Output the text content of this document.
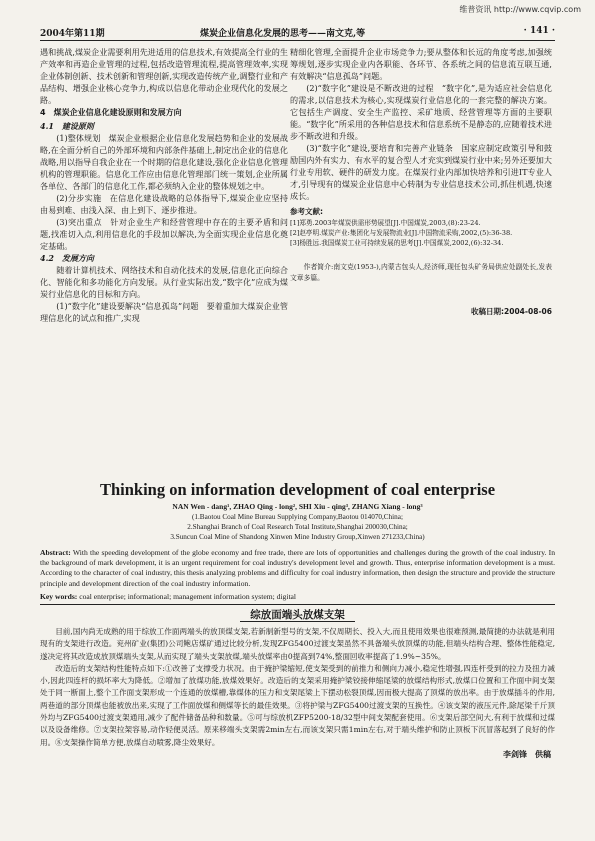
维普资讯 http://www.cqvip.com
2004年第11期	煤炭企业信息化发展的思考——南文克,等	· 141 ·

遇和挑战,煤炭企业需要利用先进适用的信息技术,有效提高全行业的生产效率和再造企业管理的过程,包括改造管理流程,提高管理效率,实现企业体制创新、技术创新和管理创新,实现改造传统产业,调整行业和产品结构、增强企业核心竞争力,构成以信息化带动企业现代化的发展之路。

4　煤炭企业信息化建设原则和发展方向
4.1　建设原则

(1)整体规划　煤炭企业根据企业信息化发展趋势和企业的发展战略,在全面分析自己的外部环境和内部条件基础上,制定出企业的信息化战略,用以指导自我企业在一个时期的信息化建设,强化企业信息化管理机构的管理职能。信息化工作应由信息化管理部门统一策划,企业所属各单位、各部门的信息化工作,都必须纳入企业的整体规划之中。

(2)分步实施　在信息化建设战略的总体指导下,煤炭企业应坚持由易到难、由浅入深、由上到下、逐步推进。

(3)突出重点　针对企业生产和经营管理中存在的主要矛盾和问题,找准切入点,利用信息化的手段加以解决,为全面实现企业信息化奠定基础。

4.2　发展方向

随着计算机技术、网络技术和自动化技术的发展,信息化正向综合化、智能化和多功能化方向发展。从行业实际出发,“数字化”应成为煤炭行业信息化的目标和方向。

(1)“数字化”建设要解决“信息孤岛”问题　要着重加大煤炭企业管理信息化的试点和推广,实现

精细化管理,全面提升企业市场竞争力;要从整体和长远的角度考虑,加强统筹规划,逐步实现企业内各职能、各环节、各系统之间的信息流互联互通,有效解决“信息孤岛”问题。

(2)“数字化”建设是不断改进的过程　“数字化”,是为适应社会信息化的需求,以信息技术为核心,实现煤炭行业信息化的一套完整的解决方案。它包括生产调度、安全生产监控、采矿地质、经营管理等方面的主要职能。“数字化”所采用的各种信息技术和信息系统不是静态的,应随着技术进步不断改进和升级。

(3)“数字化”建设,要培育和完善产业链条　国家应制定政策引导和鼓励国内外有实力、有水平的复合型人才充实到煤炭行业中来;另外还要加大行业专用软、硬件的研发力度。在煤炭行业内部加快培养和引进IT专业人才,引导现有的煤炭企业信息中心转制为专业信息技术公司,抓住机遇,快速成长。

参考文献:
[1]郑勇.2003年煤炭供需形势展望[J].中国煤炭,2003,(8):23-24.
[2]赵亭明.煤炭产业:集团化与发展物流业[J].中国物流采购,2002,(5):36-38.
[3]杨胜远.我国煤炭工业可持续发展的思考[J].中国煤炭,2002,(6):32-34.
作者简介:南文克(1953-),内蒙古包头人,经济师,现任包头矿务局供应处副处长,发表文章多篇。
收稿日期:2004-08-06
Thinking on information development of coal enterprise
NAN Wen - dang¹, ZHAO Qing - long², SHI Xiu - qing³, ZHANG Xiang - long³
(1.Baotou Coal Mine Bureau Supplying Company,Baotou 014070,China;
2.Shanghai Branch of Coal Research Total Institute,Shanghai 200030,China;
3.Suncun Coal Mine of Shandong Xinwen Mine Industry Group,Xinwen 271233,China)
Abstract: With the speeding development of the globe economy and free trade, there are lots of opportunities and challenges during the growth of the coal industry. In the background of mark development, it is an urgent requirement for coal industry's development level and growth. Thus, enterprise information development is a must. According to the character of coal industry, this thesis analyzing problems and difficulty for coal industry information, then design the structure and provide the structure principle and development direction of the coal industry information.
Key words: coal enterprise; informational; management information system; digital
综放面端头放煤支架

目前,国内尚无成熟的用于综放工作面两端头的放顶煤支架,若新制新型号的支架,不仅周期长、投入大,而且使用效果也很难预测,最简捷的办法就是利用现有的支架进行改造。兖州矿业(集团)公司鲍店煤矿通过比较分析,发现ZFG5400过渡支架虽然不具备端头放顶煤的功能,但端头结构合理、整体性能稳定,遂决定将其改造成放顶煤端头支架,从而实现了端头支架放煤,端头放煤率由0提高到74%,整面回收率提高了1.9%~35%。

改造后的支架结构性能特点如下:①改善了支撑受力状况。由于掩护梁缩短,使支架受到的前推力和侧向力减小,稳定性增强,四连杆受到的拉力及扭力减小,因此四连杆的损坏率大为降低。②增加了放煤功能,放煤效果好。改造后的支架采用掩护梁铰接伸缩尾梁的放煤结构形式,放煤口位置和工作面中间支架处于同一断面上,整个工作面支架形成一个连通的放煤槽,靠煤体的压力和支架尾梁上下摆动松裂顶煤,因而极大提高了顶煤的放出率。由于放煤插斗的作用,两巷道的部分顶煤也能被放出来,实现了工作面放煤和侧煤等长的最佳效果。③将护梁与ZFG5400过渡支架的互换性。④该支架的液压元件,除尾梁千斤顶外均与ZFG5400过渡支架通用,减少了配件储备品种和数量。⑤可与综放机ZFP5200-18/32型中间支架配套使用。⑥支架后部空间大,有利于放煤和过煤以及设备维修。⑦支架拉架容易,动作轻便灵活。原来移端头支架需2min左右,而该支架只需1min左右,对于端头维护和防止顶板下沉冒落起到了良好的作用。⑧支架操作简单方便,放煤自动喷雾,降尘效果好。

李剑锋　供稿
